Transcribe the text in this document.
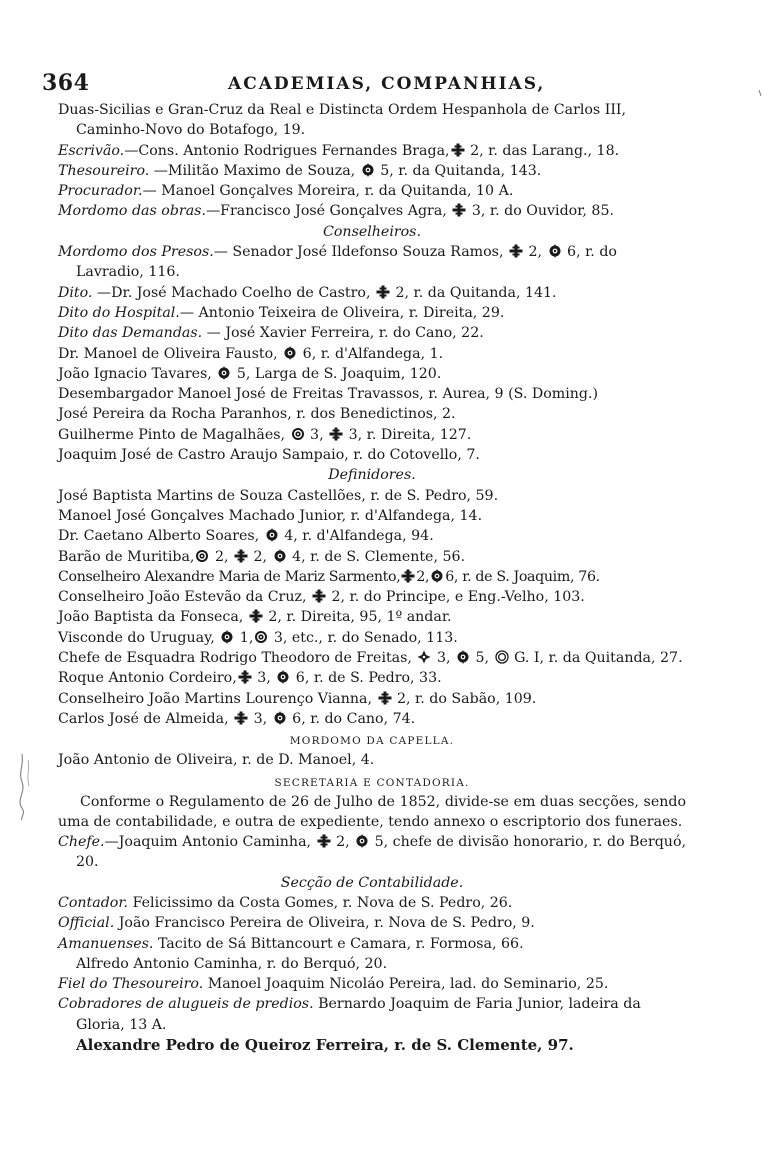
364	ACADEMIAS, COMPANHIAS,

Duas-Sicilias e Gran-Cruz da Real e Distincta Ordem Hespanhola de Carlos III, Caminho-Novo do Botafogo, 19.

Escrivão.—Cons. Antonio Rodrigues Fernandes Braga, 2, r. das Larang., 18.

Thesoureiro. —Militão Maximo de Souza,  5, r. da Quitanda, 143.

Procurador.— Manoel Gonçalves Moreira, r. da Quitanda, 10 A.

Mordomo das obras.—Francisco José Gonçalves Agra,  3, r. do Ouvidor, 85.

Conselheiros.

Mordomo dos Presos.— Senador José Ildefonso Souza Ramos,  2,  6, r. do Lavradio, 116.

Dito. —Dr. José Machado Coelho de Castro,  2, r. da Quitanda, 141.

Dito do Hospital.— Antonio Teixeira de Oliveira, r. Direita, 29.

Dito das Demandas. — José Xavier Ferreira, r. do Cano, 22.

Dr. Manoel de Oliveira Fausto,  6, r. d'Alfandega, 1.

João Ignacio Tavares,  5, Larga de S. Joaquim, 120.

Desembargador Manoel José de Freitas Travassos, r. Aurea, 9 (S. Doming.)

José Pereira da Rocha Paranhos, r. dos Benedictinos, 2.

Guilherme Pinto de Magalhães,  3,  3, r. Direita, 127.

Joaquim José de Castro Araujo Sampaio, r. do Cotovello, 7.

Definidores.

José Baptista Martins de Souza Castellões, r. de S. Pedro, 59.

Manoel José Gonçalves Machado Junior, r. d'Alfandega, 14.

Dr. Caetano Alberto Soares,  4, r. d'Alfandega, 94.

Barão de Muritiba, 2,  2,  4, r. de S. Clemente, 56.

Conselheiro Alexandre Maria de Mariz Sarmento, 2, 6, r. de S. Joaquim, 76.

Conselheiro João Estevão da Cruz,  2, r. do Principe, e Eng.-Velho, 103.

João Baptista da Fonseca,  2, r. Direita, 95, 1º andar.

Visconde do Uruguay,  1, 3, etc., r. do Senado, 113.

Chefe de Esquadra Rodrigo Theodoro de Freitas,  3,  5,  G. I, r. da Quitanda, 27.

Roque Antonio Cordeiro, 3,  6, r. de S. Pedro, 33.

Conselheiro João Martins Lourenço Vianna,  2, r. do Sabão, 109.

Carlos José de Almeida,  3,  6, r. do Cano, 74.

MORDOMO DA CAPELLA.

João Antonio de Oliveira, r. de D. Manoel, 4.

SECRETARIA E CONTADORIA.

Conforme o Regulamento de 26 de Julho de 1852, divide-se em duas secções, sendo uma de contabilidade, e outra de expediente, tendo annexo o escriptorio dos funeraes.

Chefe.—Joaquim Antonio Caminha,  2,  5, chefe de divisão honorario, r. do Berquó, 20.

Secção de Contabilidade.

Contador. Felicissimo da Costa Gomes, r. Nova de S. Pedro, 26.

Official. João Francisco Pereira de Oliveira, r. Nova de S. Pedro, 9.

Amanuenses. Tacito de Sá Bittancourt e Camara, r. Formosa, 66.

Alfredo Antonio Caminha, r. do Berquó, 20.

Fiel do Thesoureiro. Manoel Joaquim Nicoláo Pereira, lad. do Seminario, 25.

Cobradores de alugueis de predios. Bernardo Joaquim de Faria Junior, ladeira da Gloria, 13 A.

Alexandre Pedro de Queiroz Ferreira, r. de S. Clemente, 97.
